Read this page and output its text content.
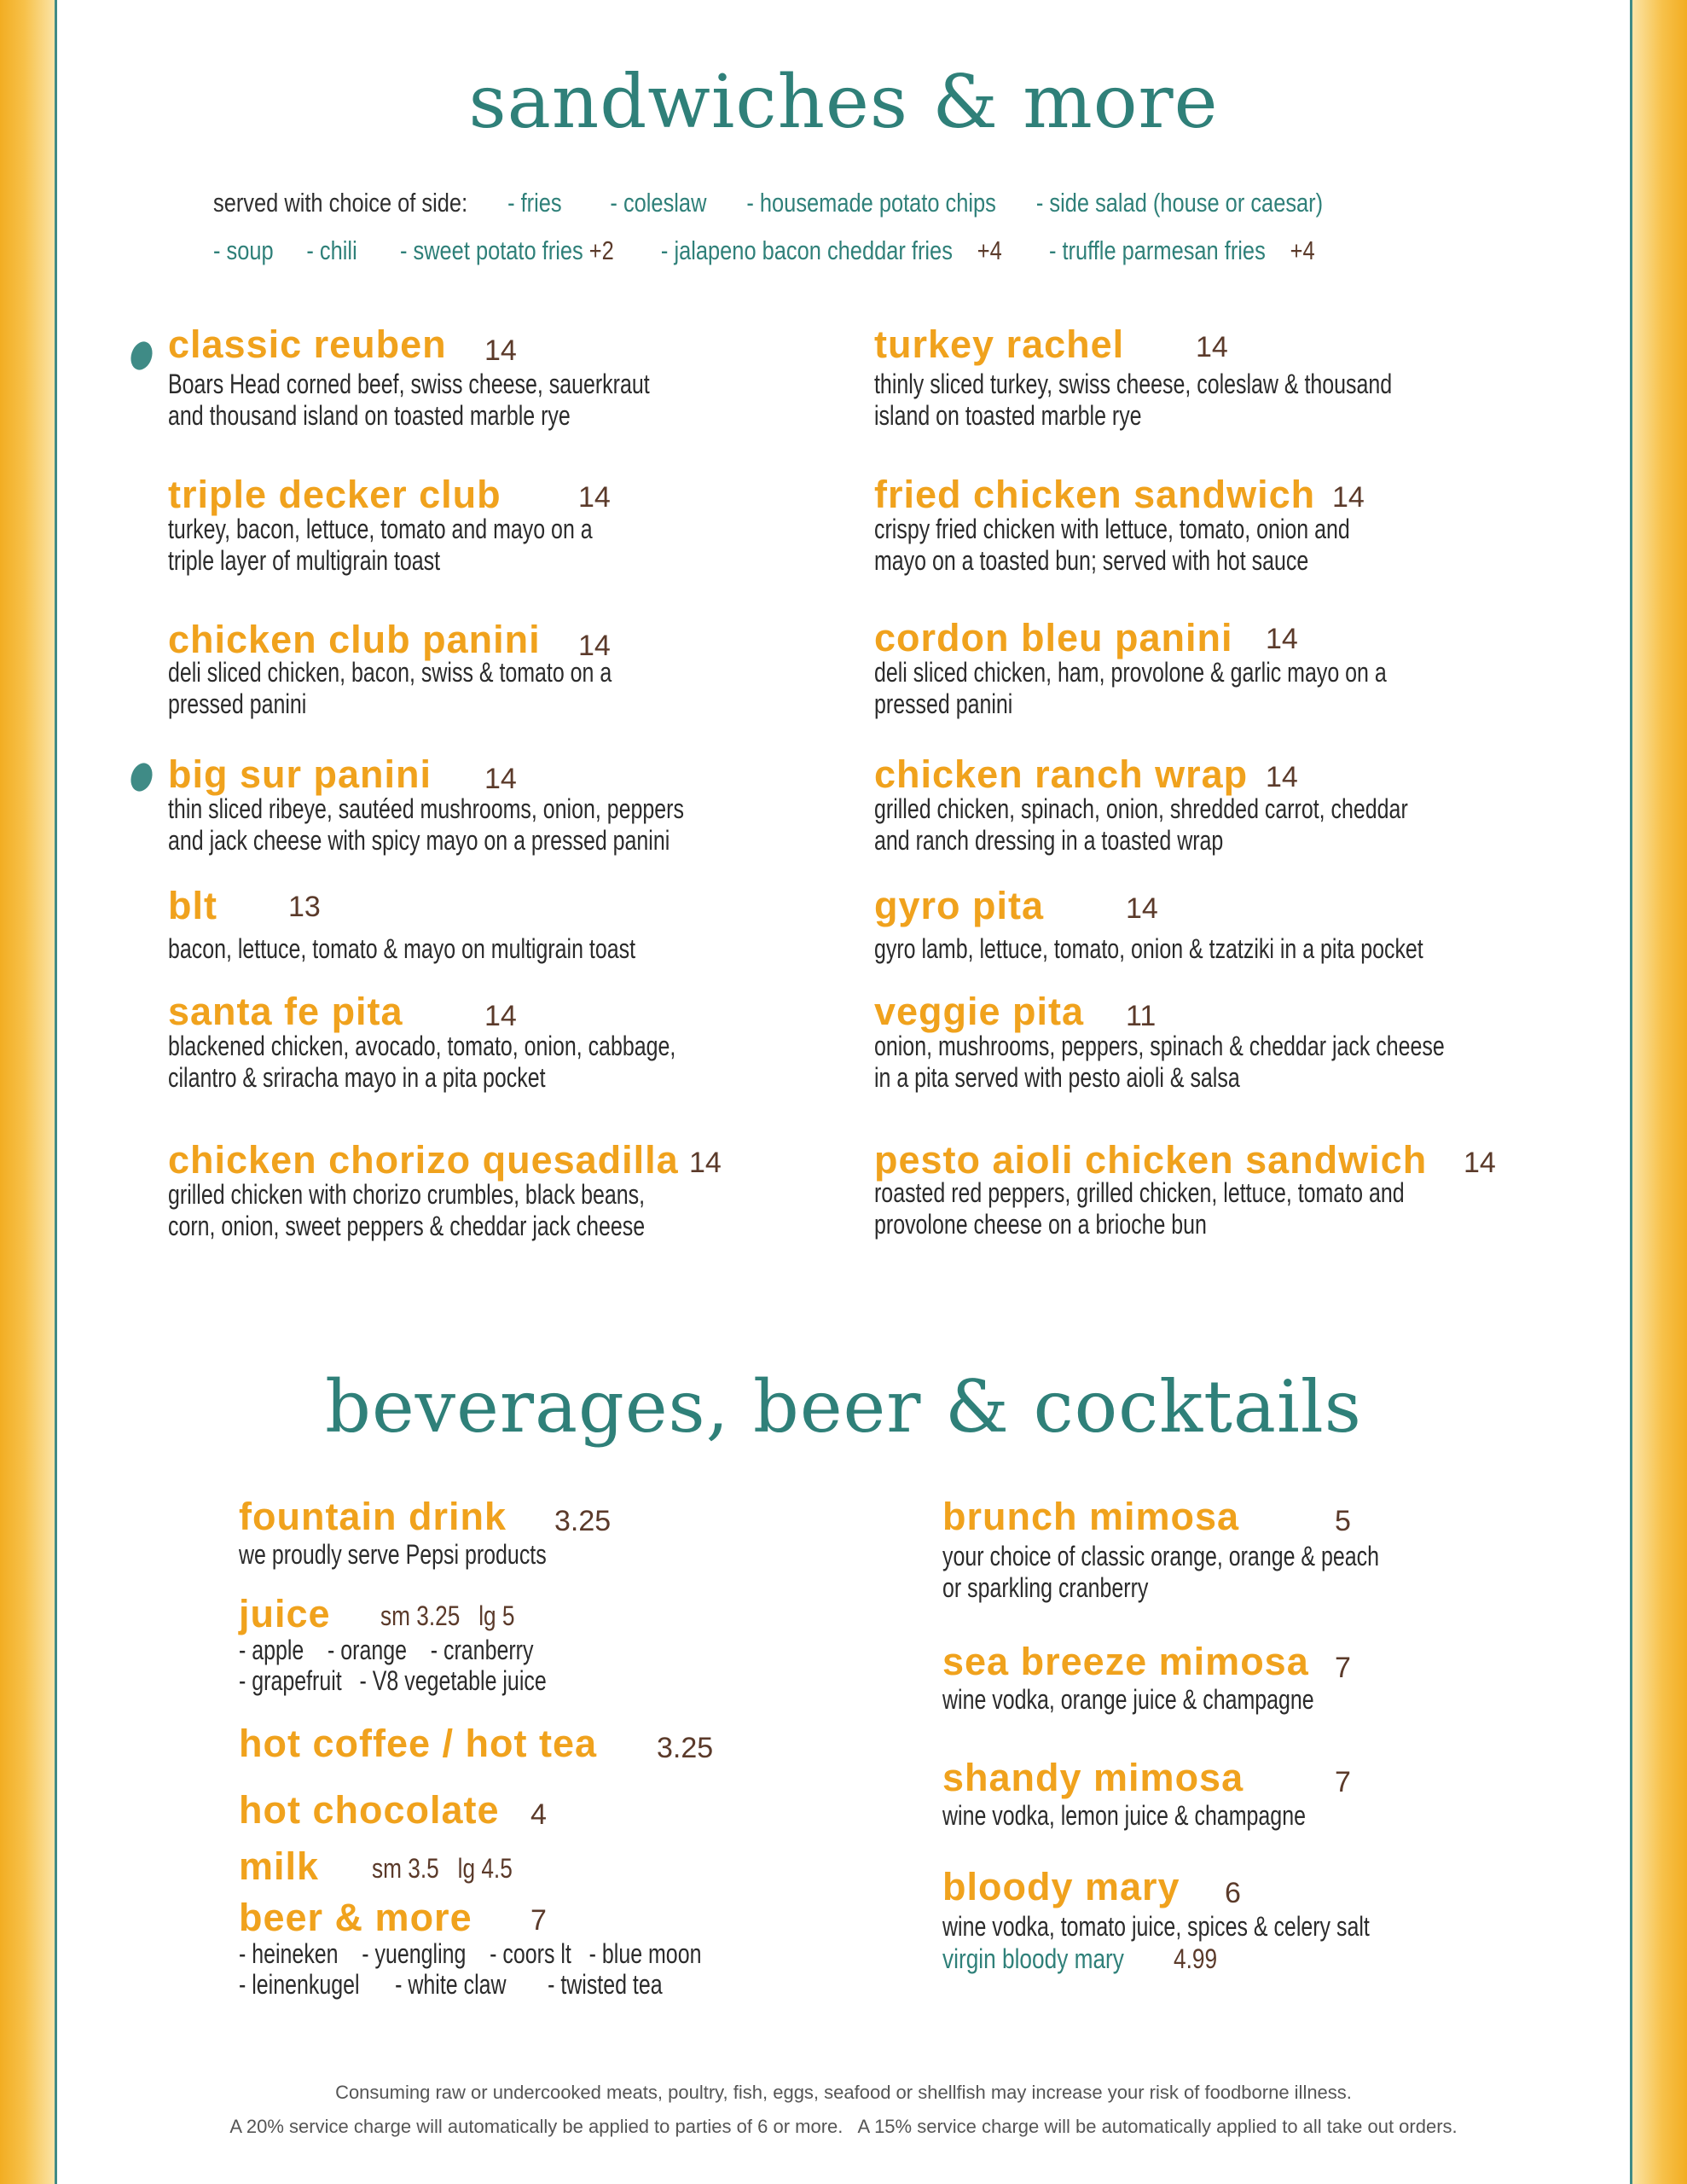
sandwiches & more
served with choice of side: - fries - coleslaw - housemade potato chips - side salad (house or caesar)
- soup - chili - sweet potato fries +2 - jalapeno bacon cheddar fries +4 - truffle parmesan fries +4
classic reuben 14
Boars Head corned beef, swiss cheese, sauerkraut
and thousand island on toasted marble rye
triple decker club	14
turkey, bacon, lettuce, tomato and mayo on a
triple layer of multigrain toast
chicken club panini 14
deli sliced chicken, bacon, swiss & tomato on a
pressed panini
big sur panini 14
thin sliced ribeye, sautéed mushrooms, onion, peppers
and jack cheese with spicy mayo on a pressed panini
blt 13
bacon, lettuce, tomato & mayo on multigrain toast
santa fe pita	14
blackened chicken, avocado, tomato, onion, cabbage,
cilantro & sriracha mayo in a pita pocket
chicken chorizo quesadilla 14
grilled chicken with chorizo crumbles, black beans,
corn, onion, sweet peppers & cheddar jack cheese
turkey rachel 14
thinly sliced turkey, swiss cheese, coleslaw & thousand
island on toasted marble rye
fried chicken sandwich 14
crispy fried chicken with lettuce, tomato, onion and
mayo on a toasted bun; served with hot sauce
cordon bleu panini 14
deli sliced chicken, ham, provolone & garlic mayo on a
pressed panini
chicken ranch wrap 14
grilled chicken, spinach, onion, shredded carrot, cheddar
and ranch dressing in a toasted wrap
gyro pita	14
gyro lamb, lettuce, tomato, onion & tzatziki in a pita pocket
veggie pita 11
onion, mushrooms, peppers, spinach & cheddar jack cheese
in a pita served with pesto aioli & salsa
pesto aioli chicken sandwich 14
roasted red peppers, grilled chicken, lettuce, tomato and
provolone cheese on a brioche bun
beverages, beer & cocktails
fountain drink 3.25
we proudly serve Pepsi products
juice sm 3.25   lg 5
- apple    - orange    - cranberry
- grapefruit   - V8 vegetable juice
hot coffee / hot tea 3.25
hot chocolate 4
milk sm 3.5   lg 4.5
beer & more 7
- heineken    - yuengling    - coors lt   - blue moon
- leinenkugel      - white claw       - twisted tea
brunch mimosa	5
your choice of classic orange, orange & peach
or sparkling cranberry
sea breeze mimosa 7
wine vodka, orange juice & champagne
shandy mimosa	7
wine vodka, lemon juice & champagne
bloody mary 6
wine vodka, tomato juice, spices & celery salt
virgin bloody mary 4.99
Consuming raw or undercooked meats, poultry, fish, eggs, seafood or shellfish may increase your risk of foodborne illness.
A 20% service charge will automatically be applied to parties of 6 or more.   A 15% service charge will be automatically applied to all take out orders.
